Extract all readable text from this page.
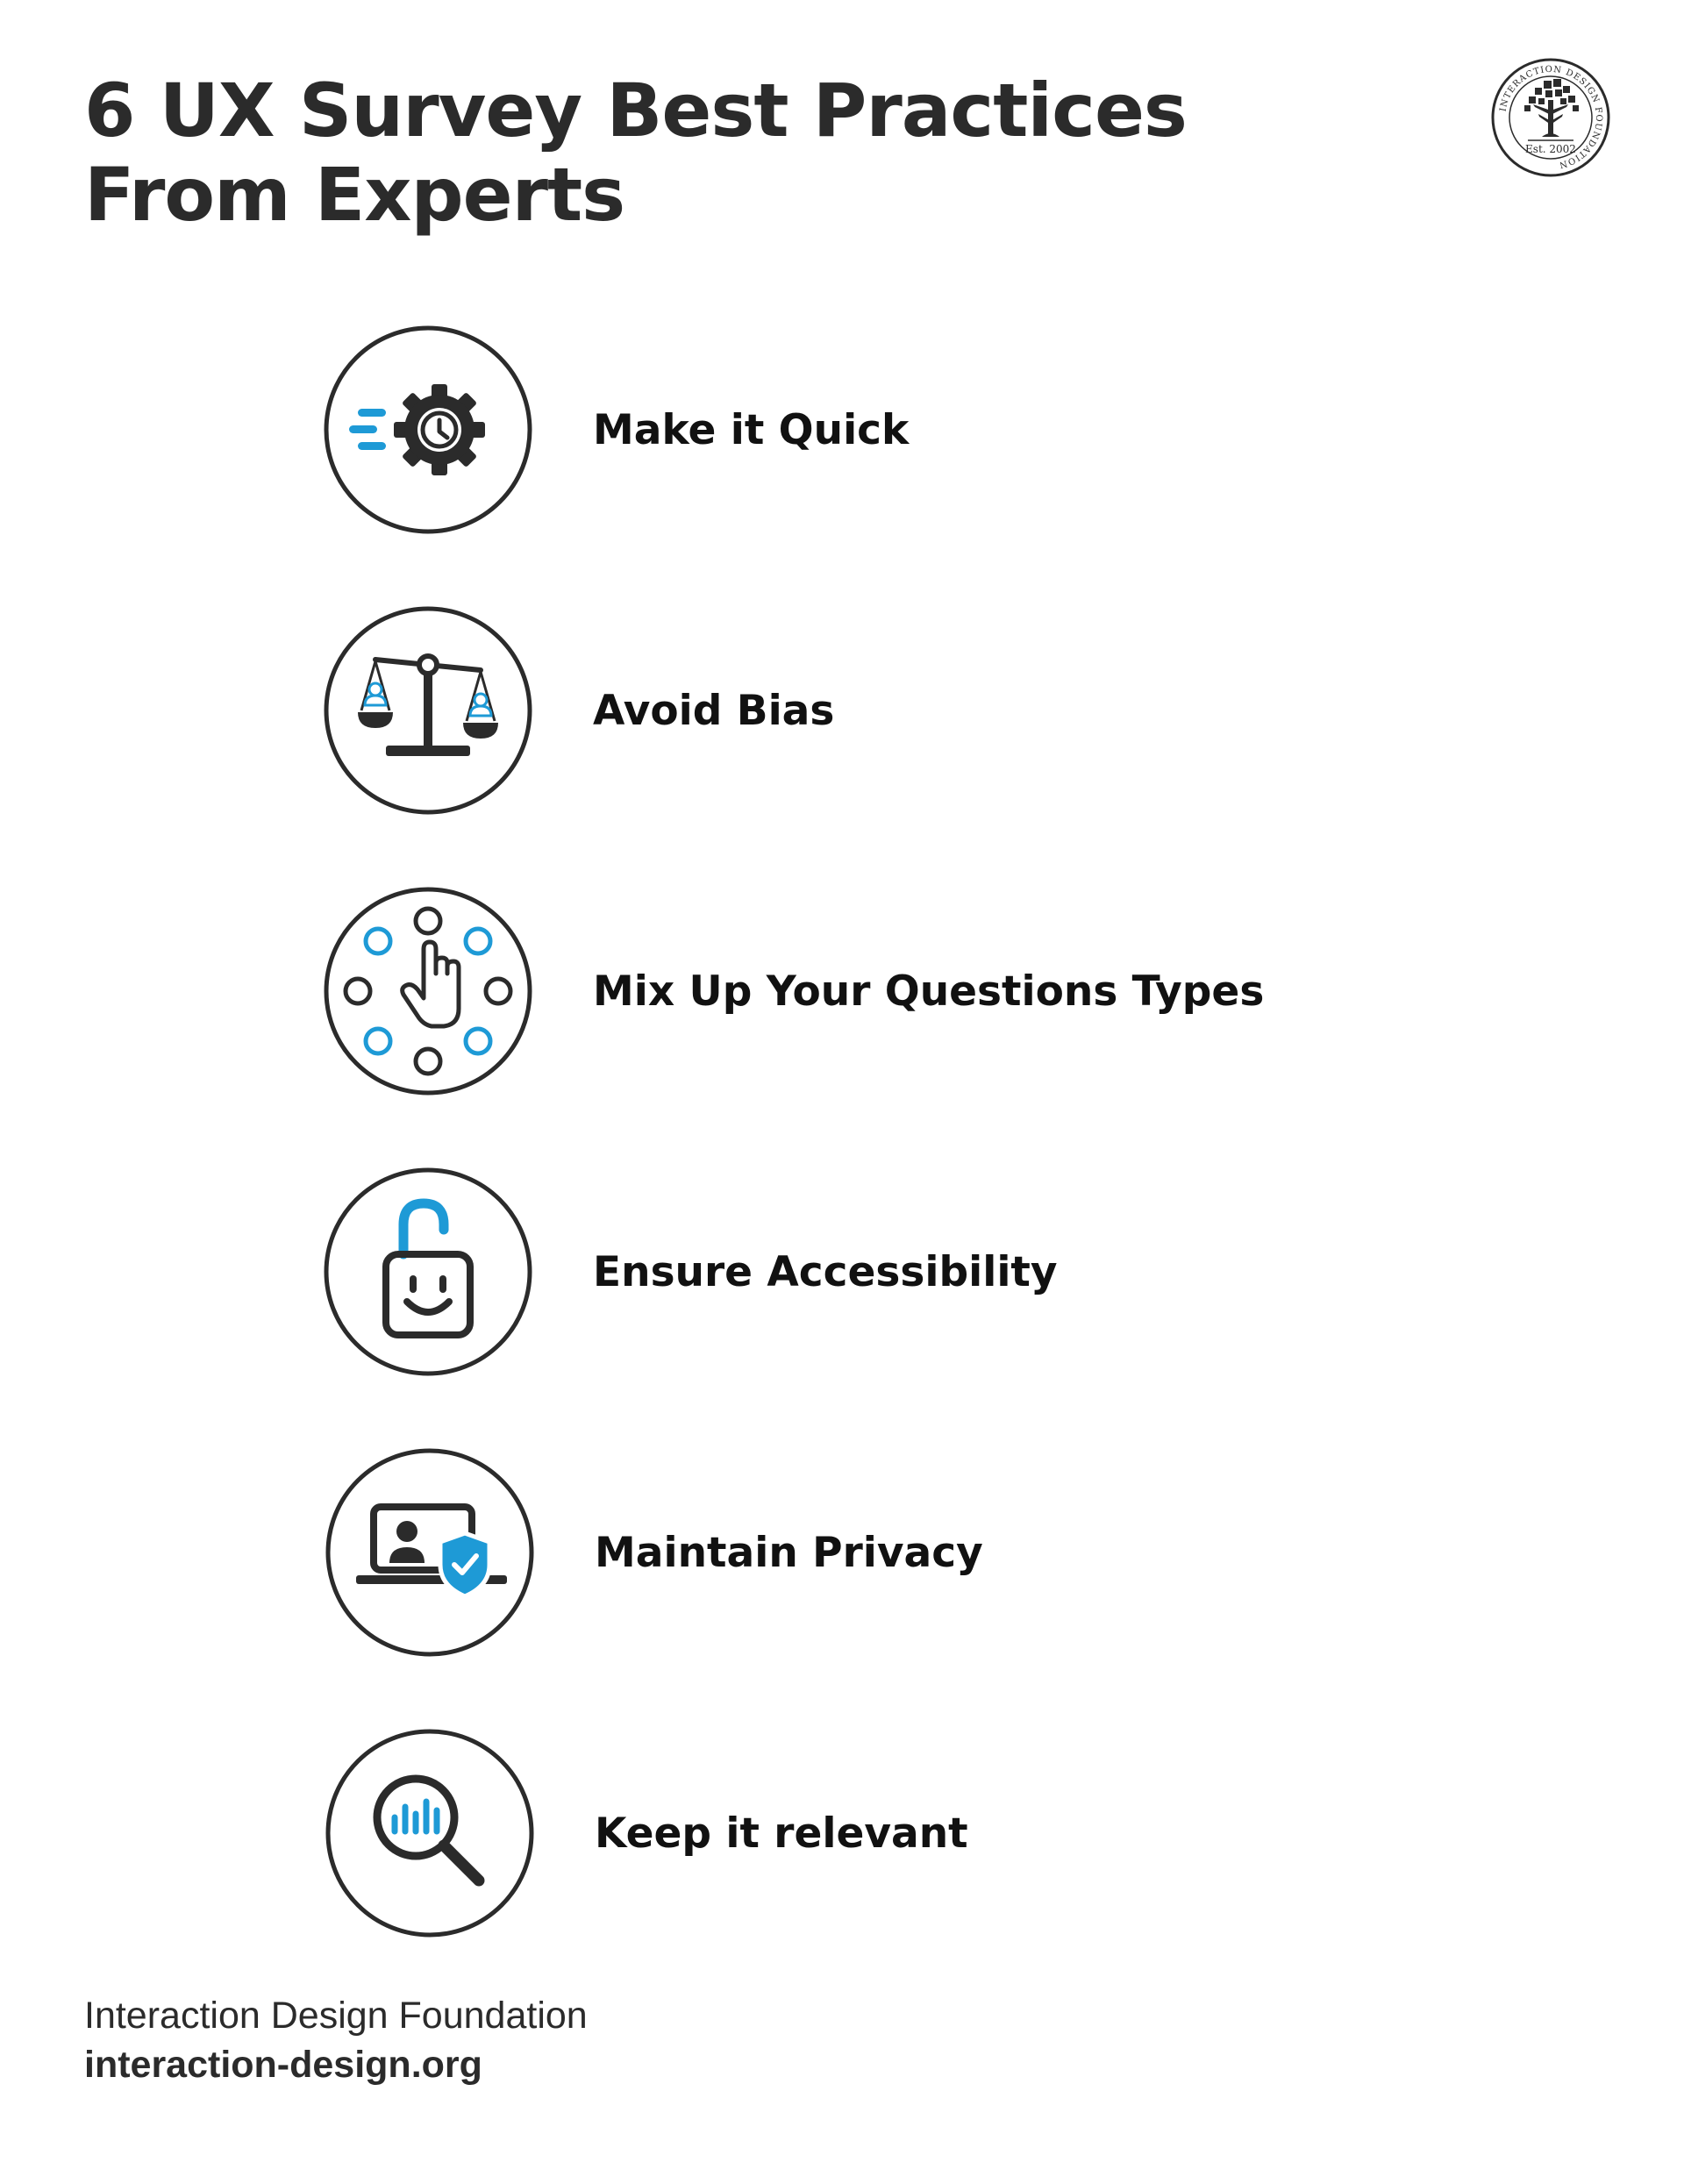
6 UX Survey Best Practices
From Experts
INTERACTION DESIGN FOUNDATION
Est. 2002
Make it Quick
Avoid Bias
Mix Up Your Questions Types
Ensure Accessibility
Maintain Privacy
Keep it relevant
Interaction Design Foundation
interaction-design.org
